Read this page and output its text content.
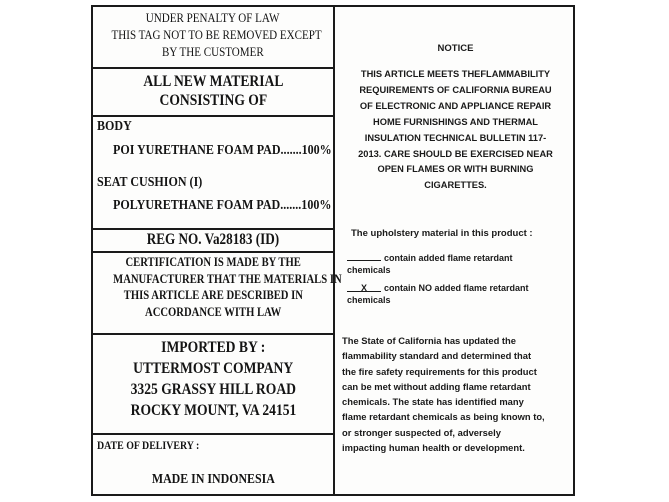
UNDER PENALTY OF LAW
THIS TAG NOT TO BE REMOVED EXCEPT
BY THE CUSTOMER
ALL NEW MATERIAL
CONSISTING OF
BODY
POI YURETHANE FOAM PAD.......100%
SEAT CUSHION (I)
POLYURETHANE FOAM PAD.......100%
REG NO. Va28183 (ID)
CERTIFICATION IS MADE BY THE
MANUFACTURER THAT THE MATERIALS IN
THIS ARTICLE ARE DESCRIBED IN
ACCORDANCE WITH LAW
IMPORTED BY :
UTTERMOST COMPANY
3325 GRASSY HILL ROAD
ROCKY MOUNT, VA 24151
DATE OF DELIVERY :
MADE IN INDONESIA
NOTICE
THIS ARTICLE MEETS THEFLAMMABILITY
REQUIREMENTS OF CALIFORNIA BUREAU
OF ELECTRONIC AND APPLIANCE REPAIR
HOME FURNISHINGS AND THERMAL
INSULATION TECHNICAL BULLETIN 117-
2013. CARE SHOULD BE EXERCISED NEAR
OPEN FLAMES OR WITH BURNING
CIGARETTES.
The upholstery material in this product :
contain added flame retardant
chemicals
X contain NO added flame retardant
chemicals
The State of California has updated the
flammability standard and determined that
the fire safety requirements for this product
can be met without adding flame retardant
chemicals. The state has identified many
flame retardant chemicals as being known to,
or stronger suspected of, adversely
impacting human health or development.
